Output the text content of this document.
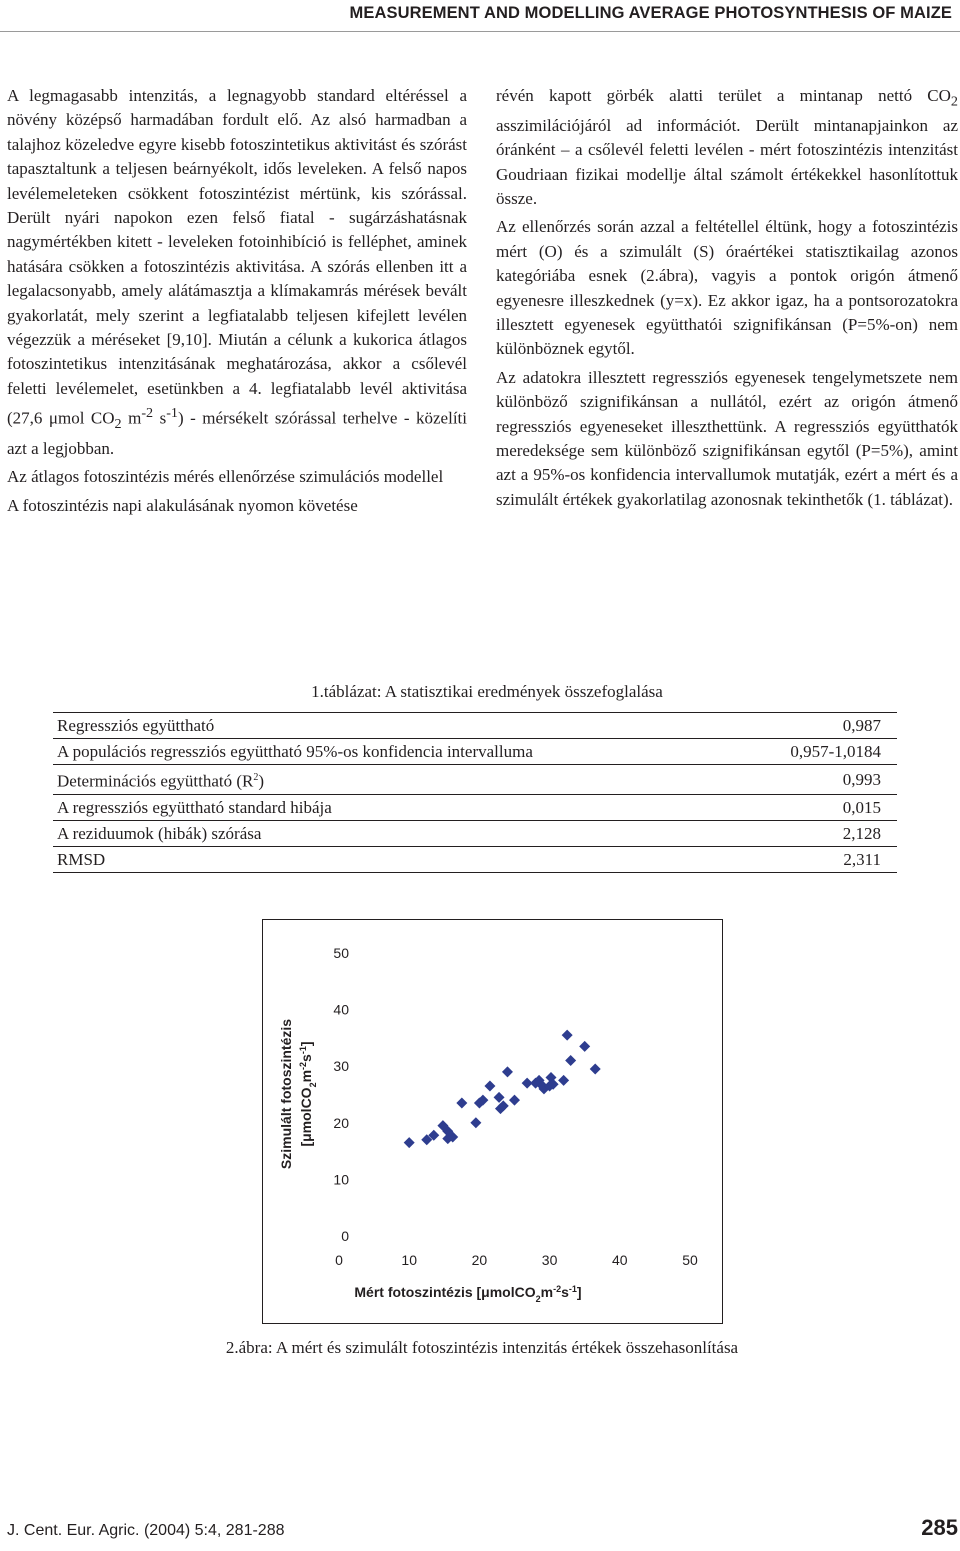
MEASUREMENT AND MODELLING AVERAGE PHOTOSYNTHESIS OF MAIZE

A legmagasabb intenzitás, a legnagyobb standard eltéréssel a növény középső harmadában fordult elő. Az alsó harmadban a talajhoz közeledve egyre kisebb fotoszintetikus aktivitást és szórást tapasztaltunk a teljesen beárnyékolt, idős leveleken. A felső napos levélemeleteken csökkent fotoszintézist mértünk, kis szórással. Derült nyári napokon ezen felső fiatal - sugárzáshatásnak nagymértékben kitett - leveleken fotoinhibíció is felléphet, aminek hatására csökken a fotoszintézis aktivitása. A szórás ellenben itt a legalacsonyabb, amely alátámasztja a klímakamrás mérések bevált gyakorlatát, mely szerint a legfiatalabb teljesen kifejlett levélen végezzük a méréseket [9,10]. Miután a célunk a kukorica átlagos fotoszintetikus intenzitásának meghatározása, akkor a csőlevél feletti levélemelet, esetünkben a 4. legfiatalabb levél aktivitása (27,6 μmol $CO_2$ $m^{-2}$ $s^{-1}$) - mérsékelt szórással terhelve - közelíti azt a legjobban.

Az átlagos fotoszintézis mérés ellenőrzése szimulációs modellel

A fotoszintézis napi alakulásának nyomon követése

révén kapott görbék alatti terület a mintanap nettó $CO_2$ asszimilációjáról ad információt. Derült mintanapjainkon az óránként – a csőlevél feletti levélen - mért fotoszintézis intenzitást Goudriaan fizikai modellje által számolt értékekkel hasonlítottuk össze.

Az ellenőrzés során azzal a feltétellel éltünk, hogy a fotoszintézis mért (O) és a szimulált (S) óraértékei statisztikailag azonos kategóriába esnek (2.ábra), vagyis a pontok origón átmenő egyenesre illeszkednek (y=x). Ez akkor igaz, ha a pontsorozatokra illesztett egyenesek együtthatói szignifikánsan (P=5%-on) nem különböznek egytől.

Az adatokra illesztett regressziós egyenesek tengelymetszete nem különböző szignifikánsan a nullától, ezért az origón átmenő regressziós egyeneseket illeszthettünk. A regressziós együtthatók meredeksége sem különböző szignifikánsan egytől (P=5%), amint azt a 95%-os konfidencia intervallumok mutatják, ezért a mért és a szimulált értékek gyakorlatilag azonosnak tekinthetők (1. táblázat).

1.táblázat: A statisztikai eredmények összefoglalása
Regressziós együttható	0,987
A populációs regressziós együttható 95%-os konfidencia intervalluma	0,957-1,0184
Determinációs együttható $(R^2)$	0,993
A regressziós együttható standard hibája	0,015
A reziduumok (hibák) szórása	2,128
RMSD	2,311
0
10
20
30
40
50
0	10	20	30	40	50
Mért fotoszintézis $[\mu molCO_2m^{-2}s^{-1}]$
Szimulált fotoszintézis $[\mu molCO_2m^{-2}s^{-1}]$
2.ábra: A mért és szimulált fotoszintézis intenzitás értékek összehasonlítása
J. Cent. Eur. Agric. (2004) 5:4, 281-288	285
